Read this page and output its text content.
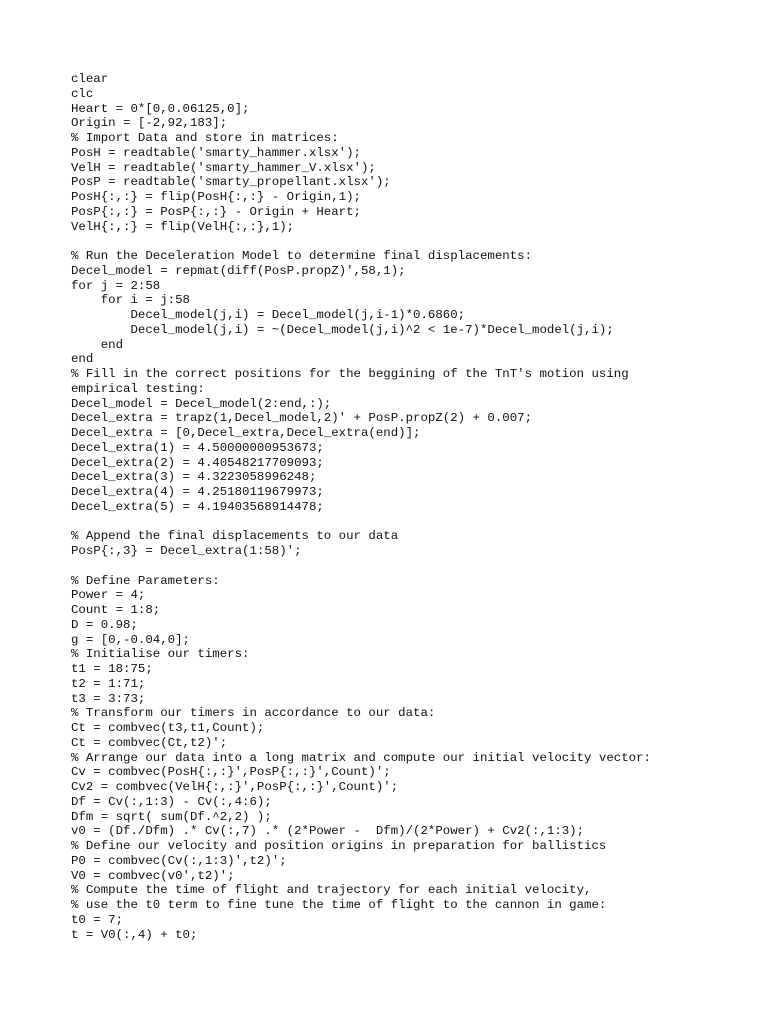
clear
clc
Heart = 0*[0,0.06125,0];
Origin = [-2,92,183];
% Import Data and store in matrices:
PosH = readtable('smarty_hammer.xlsx');
VelH = readtable('smarty_hammer_V.xlsx');
PosP = readtable('smarty_propellant.xlsx');
PosH{:,:} = flip(PosH{:,:} - Origin,1);
PosP{:,:} = PosP{:,:} - Origin + Heart;
VelH{:,:} = flip(VelH{:,:},1);
% Run the Deceleration Model to determine final displacements:
Decel_model = repmat(diff(PosP.propZ)',58,1);
for j = 2:58
for i = j:58
Decel_model(j,i) = Decel_model(j,i-1)*0.6860;
Decel_model(j,i) = ~(Decel_model(j,i)^2 < 1e-7)*Decel_model(j,i);
end
end
% Fill in the correct positions for the beggining of the TnT's motion using
empirical testing:
Decel_model = Decel_model(2:end,:);
Decel_extra = trapz(1,Decel_model,2)' + PosP.propZ(2) + 0.007;
Decel_extra = [0,Decel_extra,Decel_extra(end)];
Decel_extra(1) = 4.50000000953673;
Decel_extra(2) = 4.40548217709093;
Decel_extra(3) = 4.3223058996248;
Decel_extra(4) = 4.25180119679973;
Decel_extra(5) = 4.19403568914478;
% Append the final displacements to our data
PosP{:,3} = Decel_extra(1:58)';
% Define Parameters:
Power = 4;
Count = 1:8;
D = 0.98;
g = [0,-0.04,0];
% Initialise our timers:
t1 = 18:75;
t2 = 1:71;
t3 = 3:73;
% Transform our timers in accordance to our data:
Ct = combvec(t3,t1,Count);
Ct = combvec(Ct,t2)';
% Arrange our data into a long matrix and compute our initial velocity vector:
Cv = combvec(PosH{:,:}',PosP{:,:}',Count)';
Cv2 = combvec(VelH{:,:}',PosP{:,:}',Count)';
Df = Cv(:,1:3) - Cv(:,4:6);
Dfm = sqrt( sum(Df.^2,2) );
v0 = (Df./Dfm) .* Cv(:,7) .* (2*Power -  Dfm)/(2*Power) + Cv2(:,1:3);
% Define our velocity and position origins in preparation for ballistics
P0 = combvec(Cv(:,1:3)',t2)';
V0 = combvec(v0',t2)';
% Compute the time of flight and trajectory for each initial velocity,
% use the t0 term to fine tune the time of flight to the cannon in game:
t0 = 7;
t = V0(:,4) + t0;
